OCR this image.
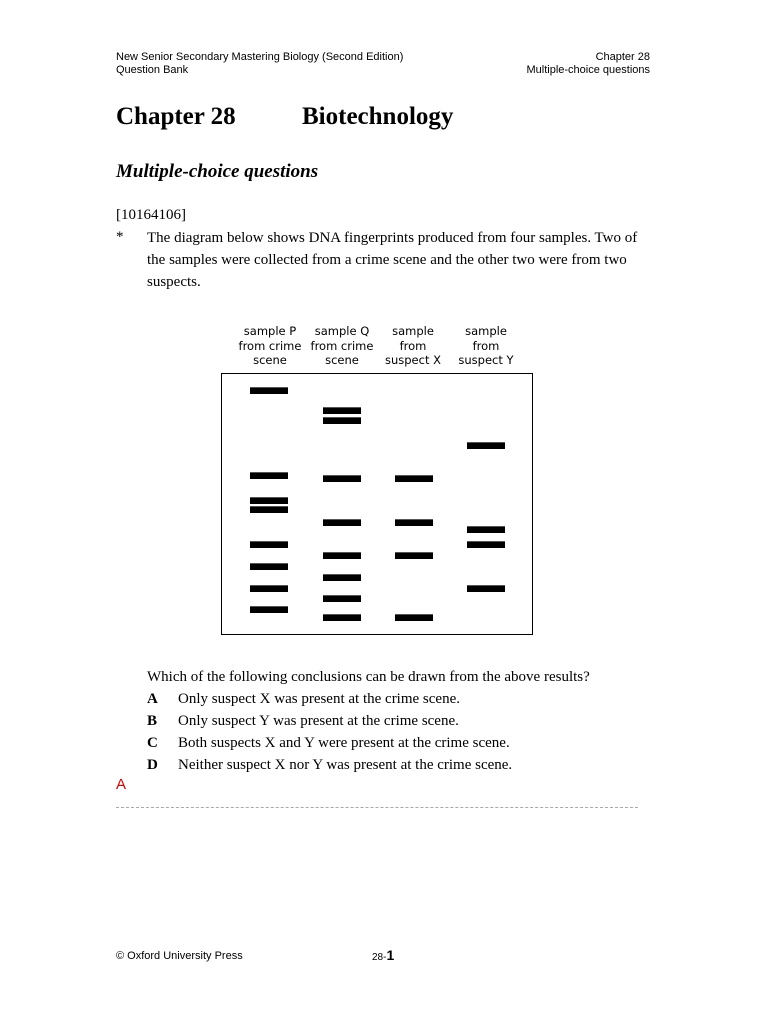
New Senior Secondary Mastering Biology (Second Edition)
Question Bank
Chapter 28
Multiple-choice questions
Chapter 28	Biotechnology
Multiple-choice questions
[10164106]
* The diagram below shows DNA fingerprints produced from four samples. Two of the samples were collected from a crime scene and the other two were from two suspects.
sample P
from crime
scene
sample Q
from crime
scene
sample
from
suspect X
sample
from
suspect Y
Which of the following conclusions can be drawn from the above results?
A Only suspect X was present at the crime scene.
B Only suspect Y was present at the crime scene.
C Both suspects X and Y were present at the crime scene.
D Neither suspect X nor Y was present at the crime scene.
A
© Oxford University Press	28-1
